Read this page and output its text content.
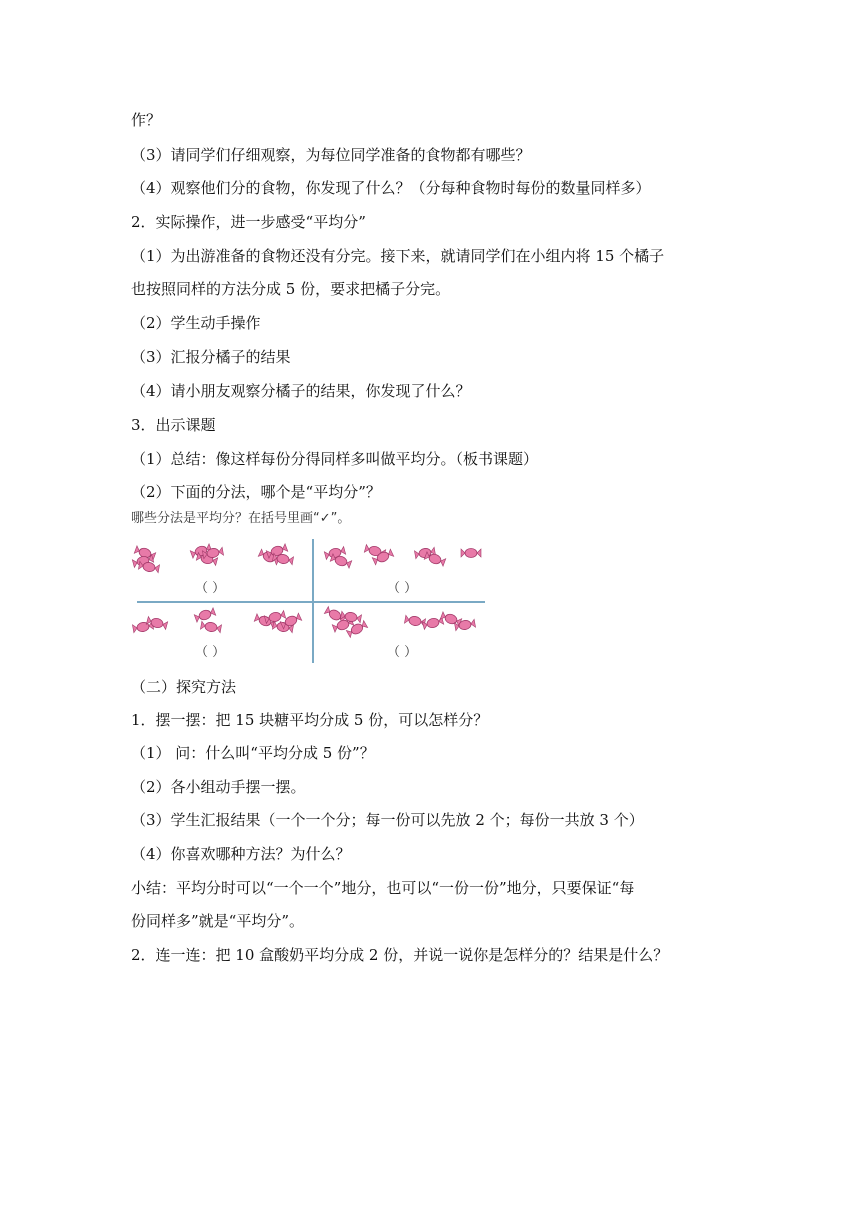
作？
（3）请同学们仔细观察，为每位同学准备的食物都有哪些？
（4）观察他们分的食物，你发现了什么？（分每种食物时每份的数量同样多）
2．实际操作，进一步感受“平均分”
（1）为出游准备的食物还没有分完。接下来，就请同学们在小组内将 15 个橘子
也按照同样的方法分成 5 份，要求把橘子分完。
（2）学生动手操作
（3）汇报分橘子的结果
（4）请小朋友观察分橘子的结果，你发现了什么？
3．出示课题
（1）总结：像这样每份分得同样多叫做平均分。（板书课题）
（2）下面的分法，哪个是“平均分”？
哪些分法是平均分？在括号里画“✓”。
（ ）	（ ）
（ ）	（ ）
（二）探究方法
1．摆一摆：把 15 块糖平均分成 5 份，可以怎样分？
（1） 问：什么叫“平均分成 5 份”？
（2）各小组动手摆一摆。
（3）学生汇报结果（一个一个分；每一份可以先放 2 个；每份一共放 3 个）
（4）你喜欢哪种方法？为什么？
小结：平均分时可以“一个一个”地分，也可以“一份一份”地分，只要保证“每
份同样多”就是“平均分”。
2．连一连：把 10 盒酸奶平均分成 2 份，并说一说你是怎样分的？结果是什么？
